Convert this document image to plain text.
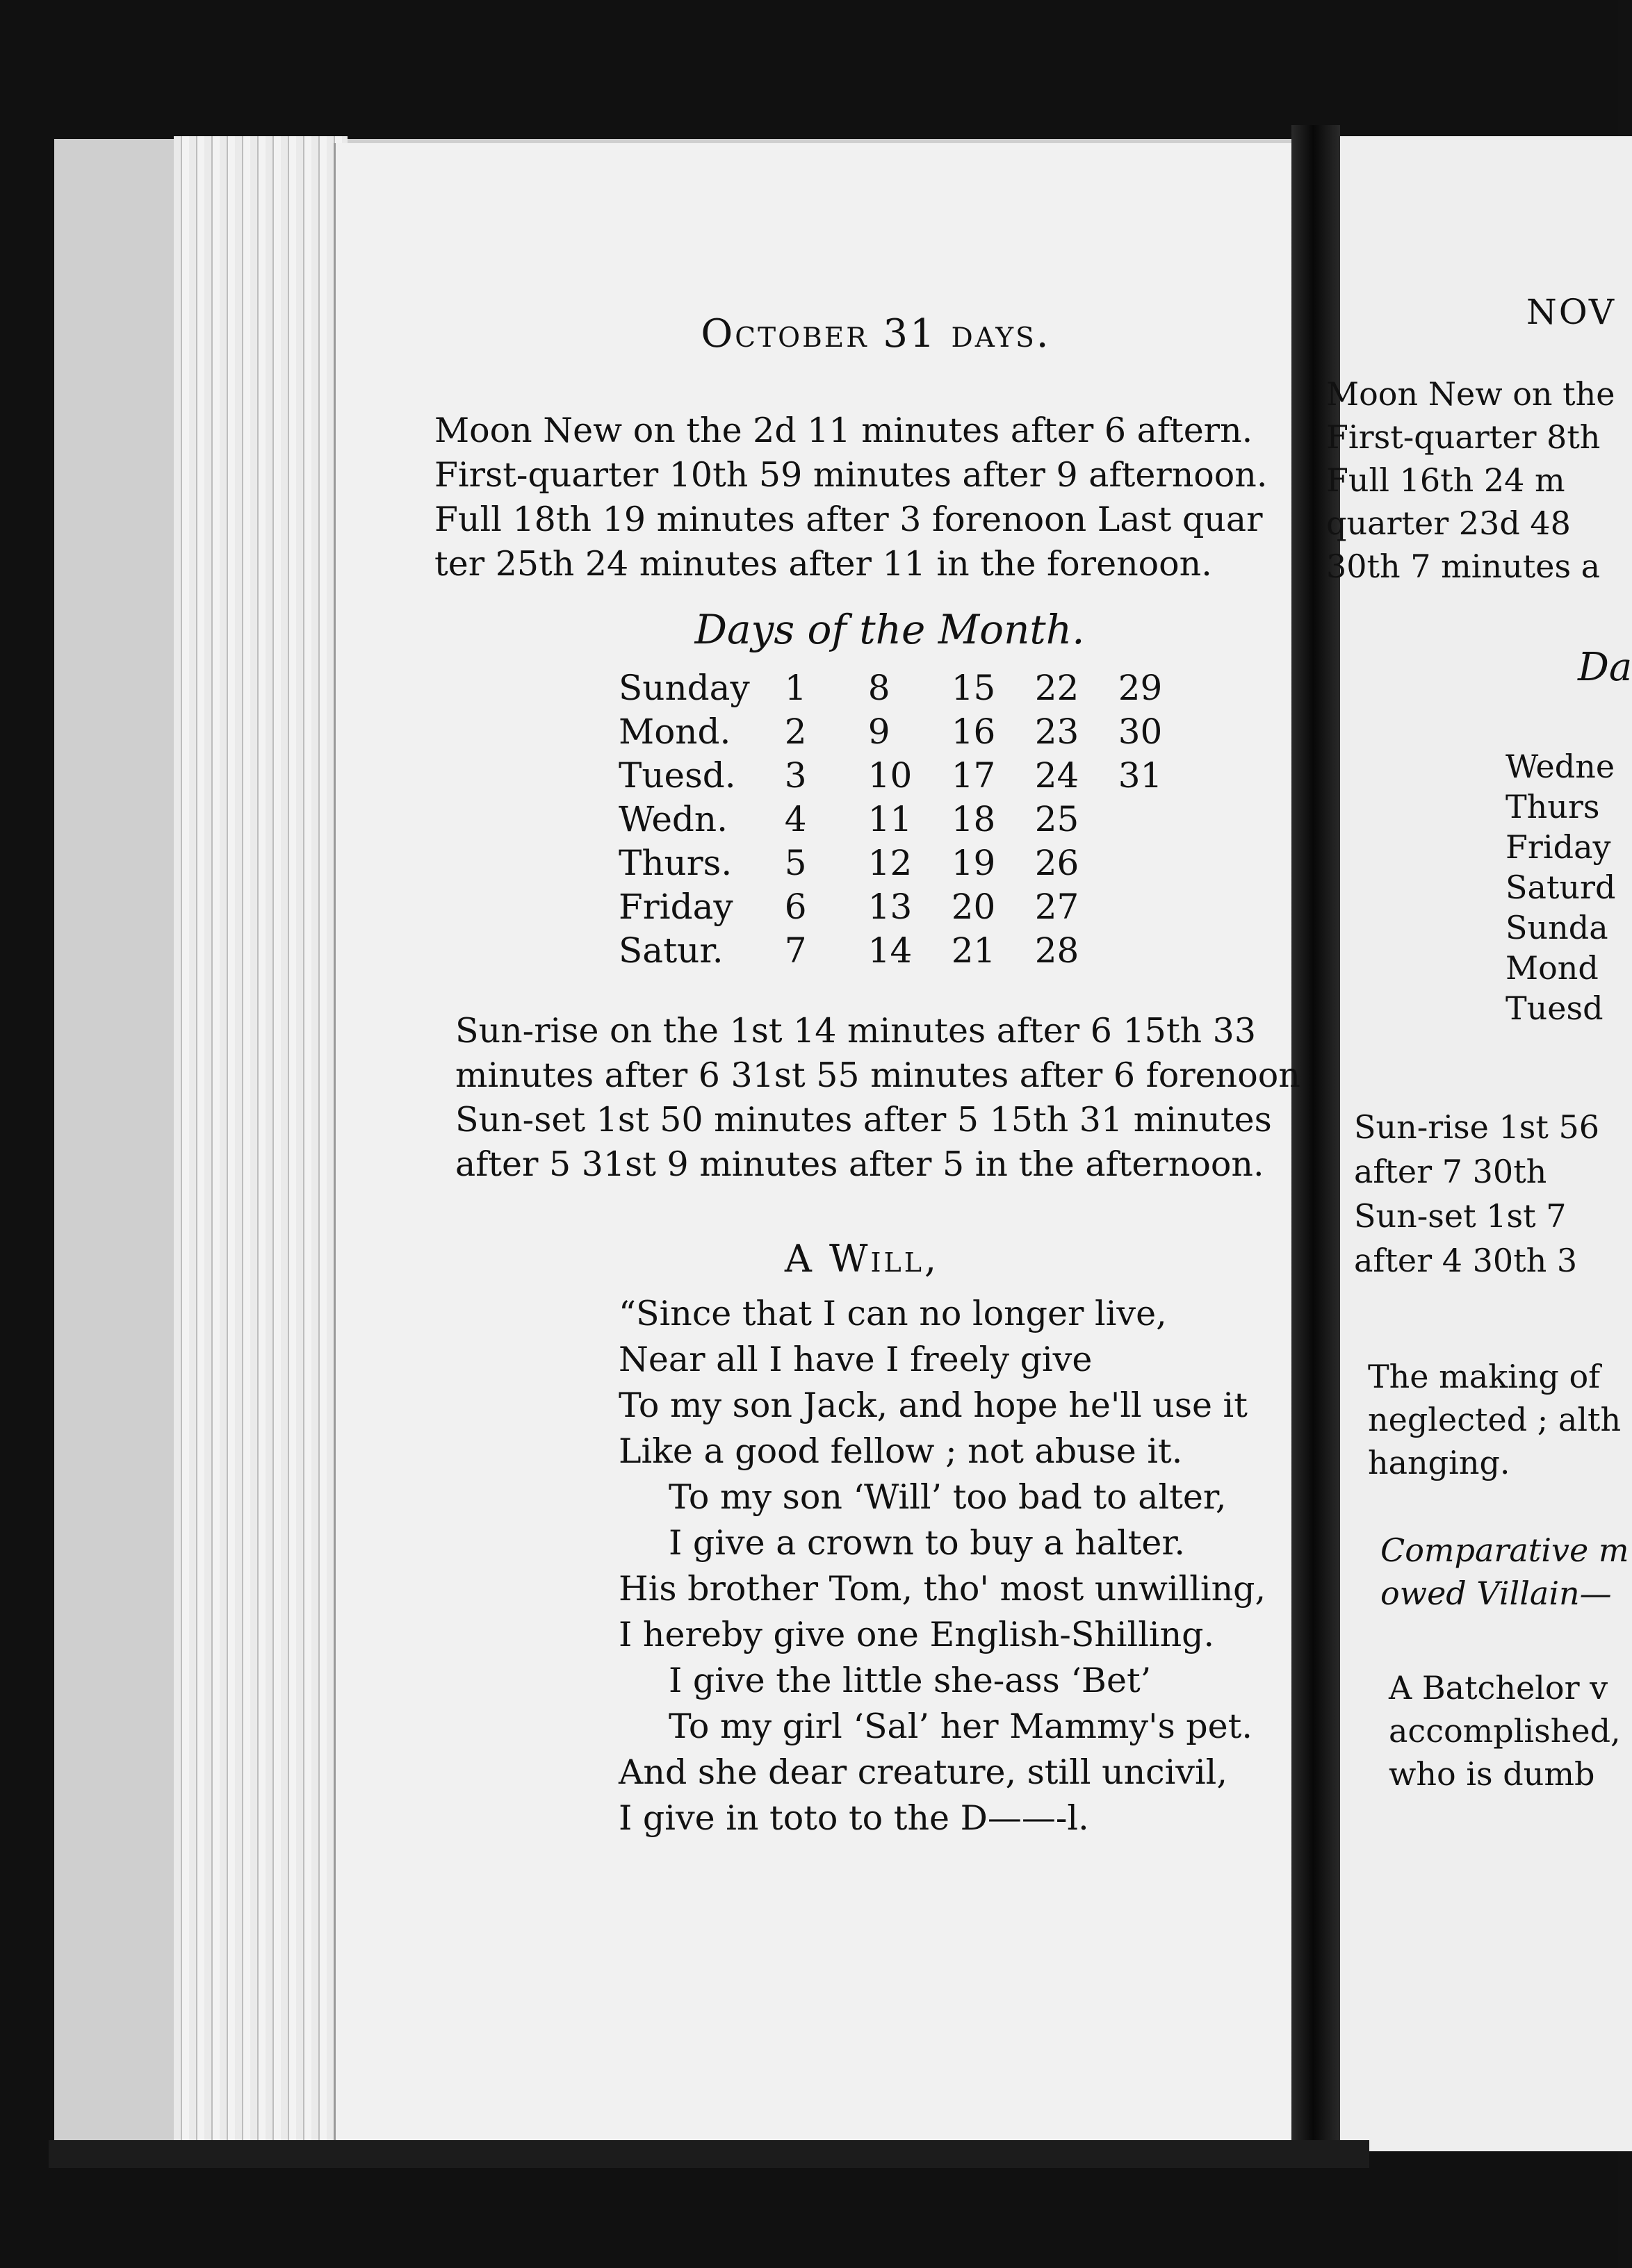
October 31 days.
Moon New on the 2d 11 minutes after 6 aftern.
First-quarter 10th 59 minutes after 9 afternoon.
Full 18th 19 minutes after 3 forenoon Last quar
ter 25th 24 minutes after 11 in the forenoon.
Days of the Month.
Sunday	1	8	15	22	29
Mond.	2	9	16	23	30
Tuesd.	3	10	17	24	31
Wedn.	4	11	18	25	
Thurs.	5	12	19	26	
Friday	6	13	20	27	
Satur.	7	14	21	28	
Sun-rise on the 1st 14 minutes after 6 15th 33
minutes after 6 31st 55 minutes after 6 forenoon
Sun-set 1st 50 minutes after 5 15th 31 minutes
after 5 31st 9 minutes after 5 in the afternoon.
A Will,
“Since that I can no longer live,
Near all I have I freely give
To my son Jack, and hope he'll use it
Like a good fellow ; not abuse it.
To my son ‘Will’ too bad to alter,
I give a crown to buy a halter.
His brother Tom, tho' most unwilling,
I hereby give one English-Shilling.
I give the little she-ass ‘Bet’
To my girl ‘Sal’ her Mammy's pet.
And she dear creature, still uncivil,
I give in toto to the D——-l.
NOV
Moon New on the
First-quarter 8th
Full 16th 24 m
quarter 23d 48
30th 7 minutes a
Da
Wedne
Thurs
Friday
Saturd
Sunda
Mond
Tuesd
Sun-rise 1st 56
after 7 30th
Sun-set 1st 7
after 4 30th 3
The making of
neglected ; alth
hanging.
Comparative m
owed Villain—
A Batchelor v
accomplished,
who is dumb
